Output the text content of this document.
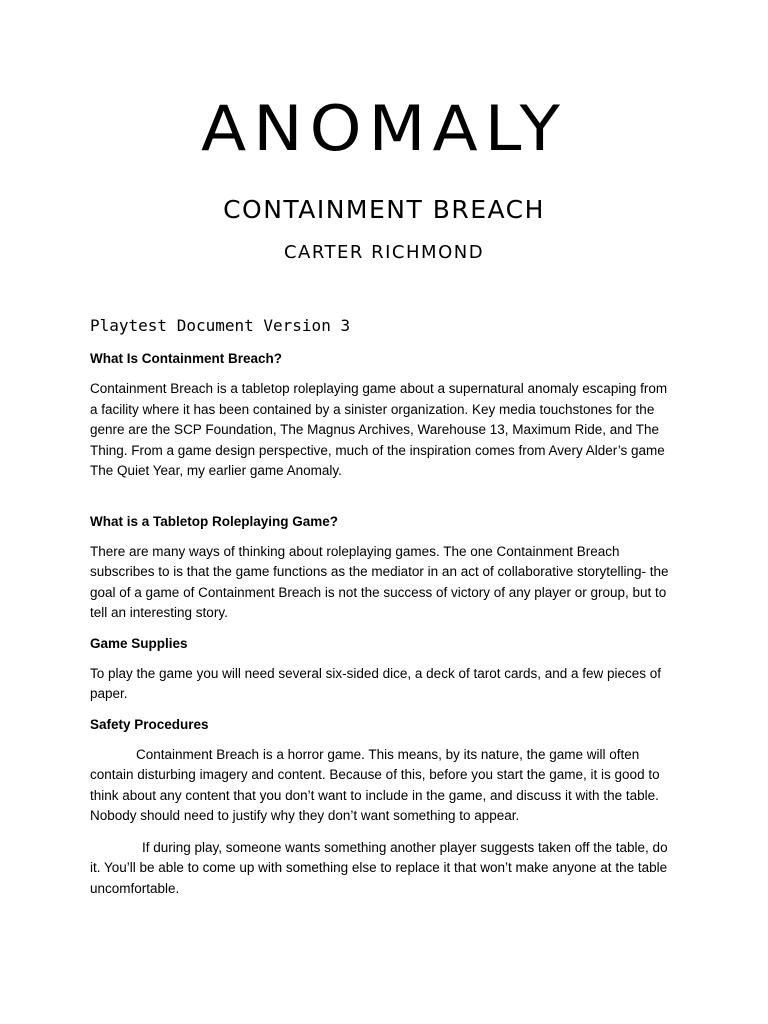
ANOMALY
CONTAINMENT BREACH
CARTER RICHMOND
Playtest Document Version 3
What Is Containment Breach?

Containment Breach is a tabletop roleplaying game about a supernatural anomaly escaping from a facility where it has been contained by a sinister organization. Key media touchstones for the genre are the SCP Foundation, The Magnus Archives, Warehouse 13, Maximum Ride, and The Thing. From a game design perspective, much of the inspiration comes from Avery Alder’s game The Quiet Year, my earlier game Anomaly.

What is a Tabletop Roleplaying Game?

There are many ways of thinking about roleplaying games. The one Containment Breach subscribes to is that the game functions as the mediator in an act of collaborative storytelling- the goal of a game of Containment Breach is not the success of victory of any player or group, but to tell an interesting story.

Game Supplies

To play the game you will need several six-sided dice, a deck of tarot cards, and a few pieces of paper.

Safety Procedures

Containment Breach is a horror game. This means, by its nature, the game will often contain disturbing imagery and content. Because of this, before you start the game, it is good to think about any content that you don’t want to include in the game, and discuss it with the table. Nobody should need to justify why they don’t want something to appear.

If during play, someone wants something another player suggests taken off the table, do it. You’ll be able to come up with something else to replace it that won’t make anyone at the table uncomfortable.
